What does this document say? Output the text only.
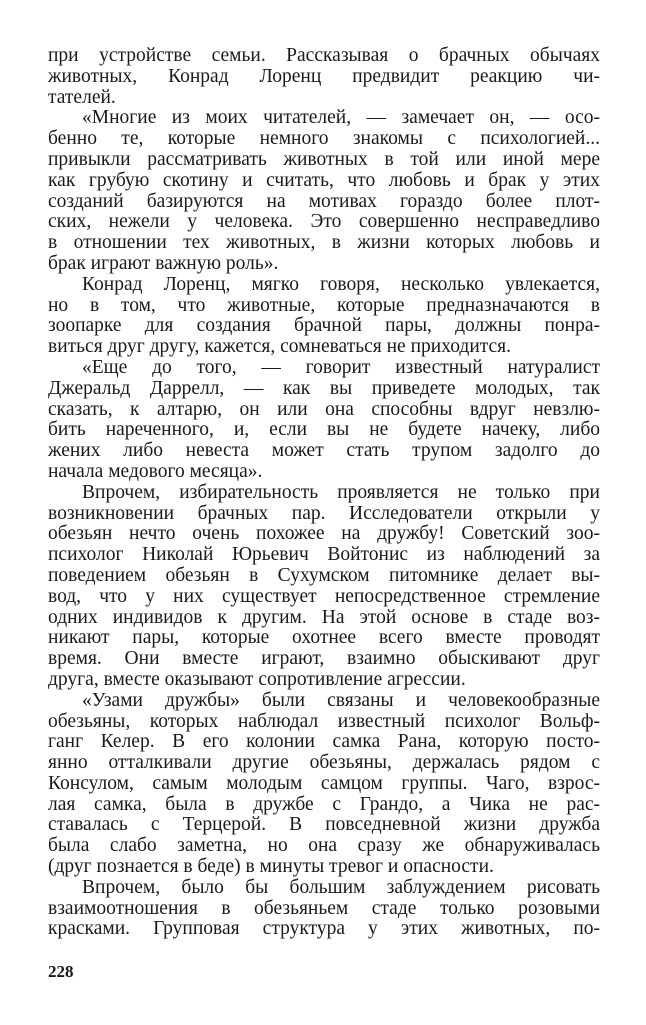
при устройстве семьи. Рассказывая о брачных обычаях
животных, Конрад Лоренц предвидит реакцию чи-
тателей.
«Многие из моих читателей, — замечает он, — осо-
бенно те, которые немного знакомы с психологией...
привыкли рассматривать животных в той или иной мере
как грубую скотину и считать, что любовь и брак у этих
созданий базируются на мотивах гораздо более плот-
ских, нежели у человека. Это совершенно несправедливо
в отношении тех животных, в жизни которых любовь и
брак играют важную роль».
Конрад Лоренц, мягко говоря, несколько увлекается,
но в том, что животные, которые предназначаются в
зоопарке для создания брачной пары, должны понра-
виться друг другу, кажется, сомневаться не приходится.
«Еще до того, — говорит известный натуралист
Джеральд Даррелл, — как вы приведете молодых, так
сказать, к алтарю, он или она способны вдруг невзлю-
бить нареченного, и, если вы не будете начеку, либо
жених либо невеста может стать трупом задолго до
начала медового месяца».
Впрочем, избирательность проявляется не только при
возникновении брачных пар. Исследователи открыли у
обезьян нечто очень похожее на дружбу! Советский зоо-
психолог Николай Юрьевич Войтонис из наблюдений за
поведением обезьян в Сухумском питомнике делает вы-
вод, что у них существует непосредственное стремление
одних индивидов к другим. На этой основе в стаде воз-
никают пары, которые охотнее всего вместе проводят
время. Они вместе играют, взаимно обыскивают друг
друга, вместе оказывают сопротивление агрессии.
«Узами дружбы» были связаны и человекообразные
обезьяны, которых наблюдал известный психолог Вольф-
ганг Келер. В его колонии самка Рана, которую посто-
янно отталкивали другие обезьяны, держалась рядом с
Консулом, самым молодым самцом группы. Чаго, взрос-
лая самка, была в дружбе с Грандо, а Чика не рас-
ставалась с Терцерой. В повседневной жизни дружба
была слабо заметна, но она сразу же обнаруживалась
(друг познается в беде) в минуты тревог и опасности.
Впрочем, было бы большим заблуждением рисовать
взаимоотношения в обезьяньем стаде только розовыми
красками. Групповая структура у этих животных, по-
228
